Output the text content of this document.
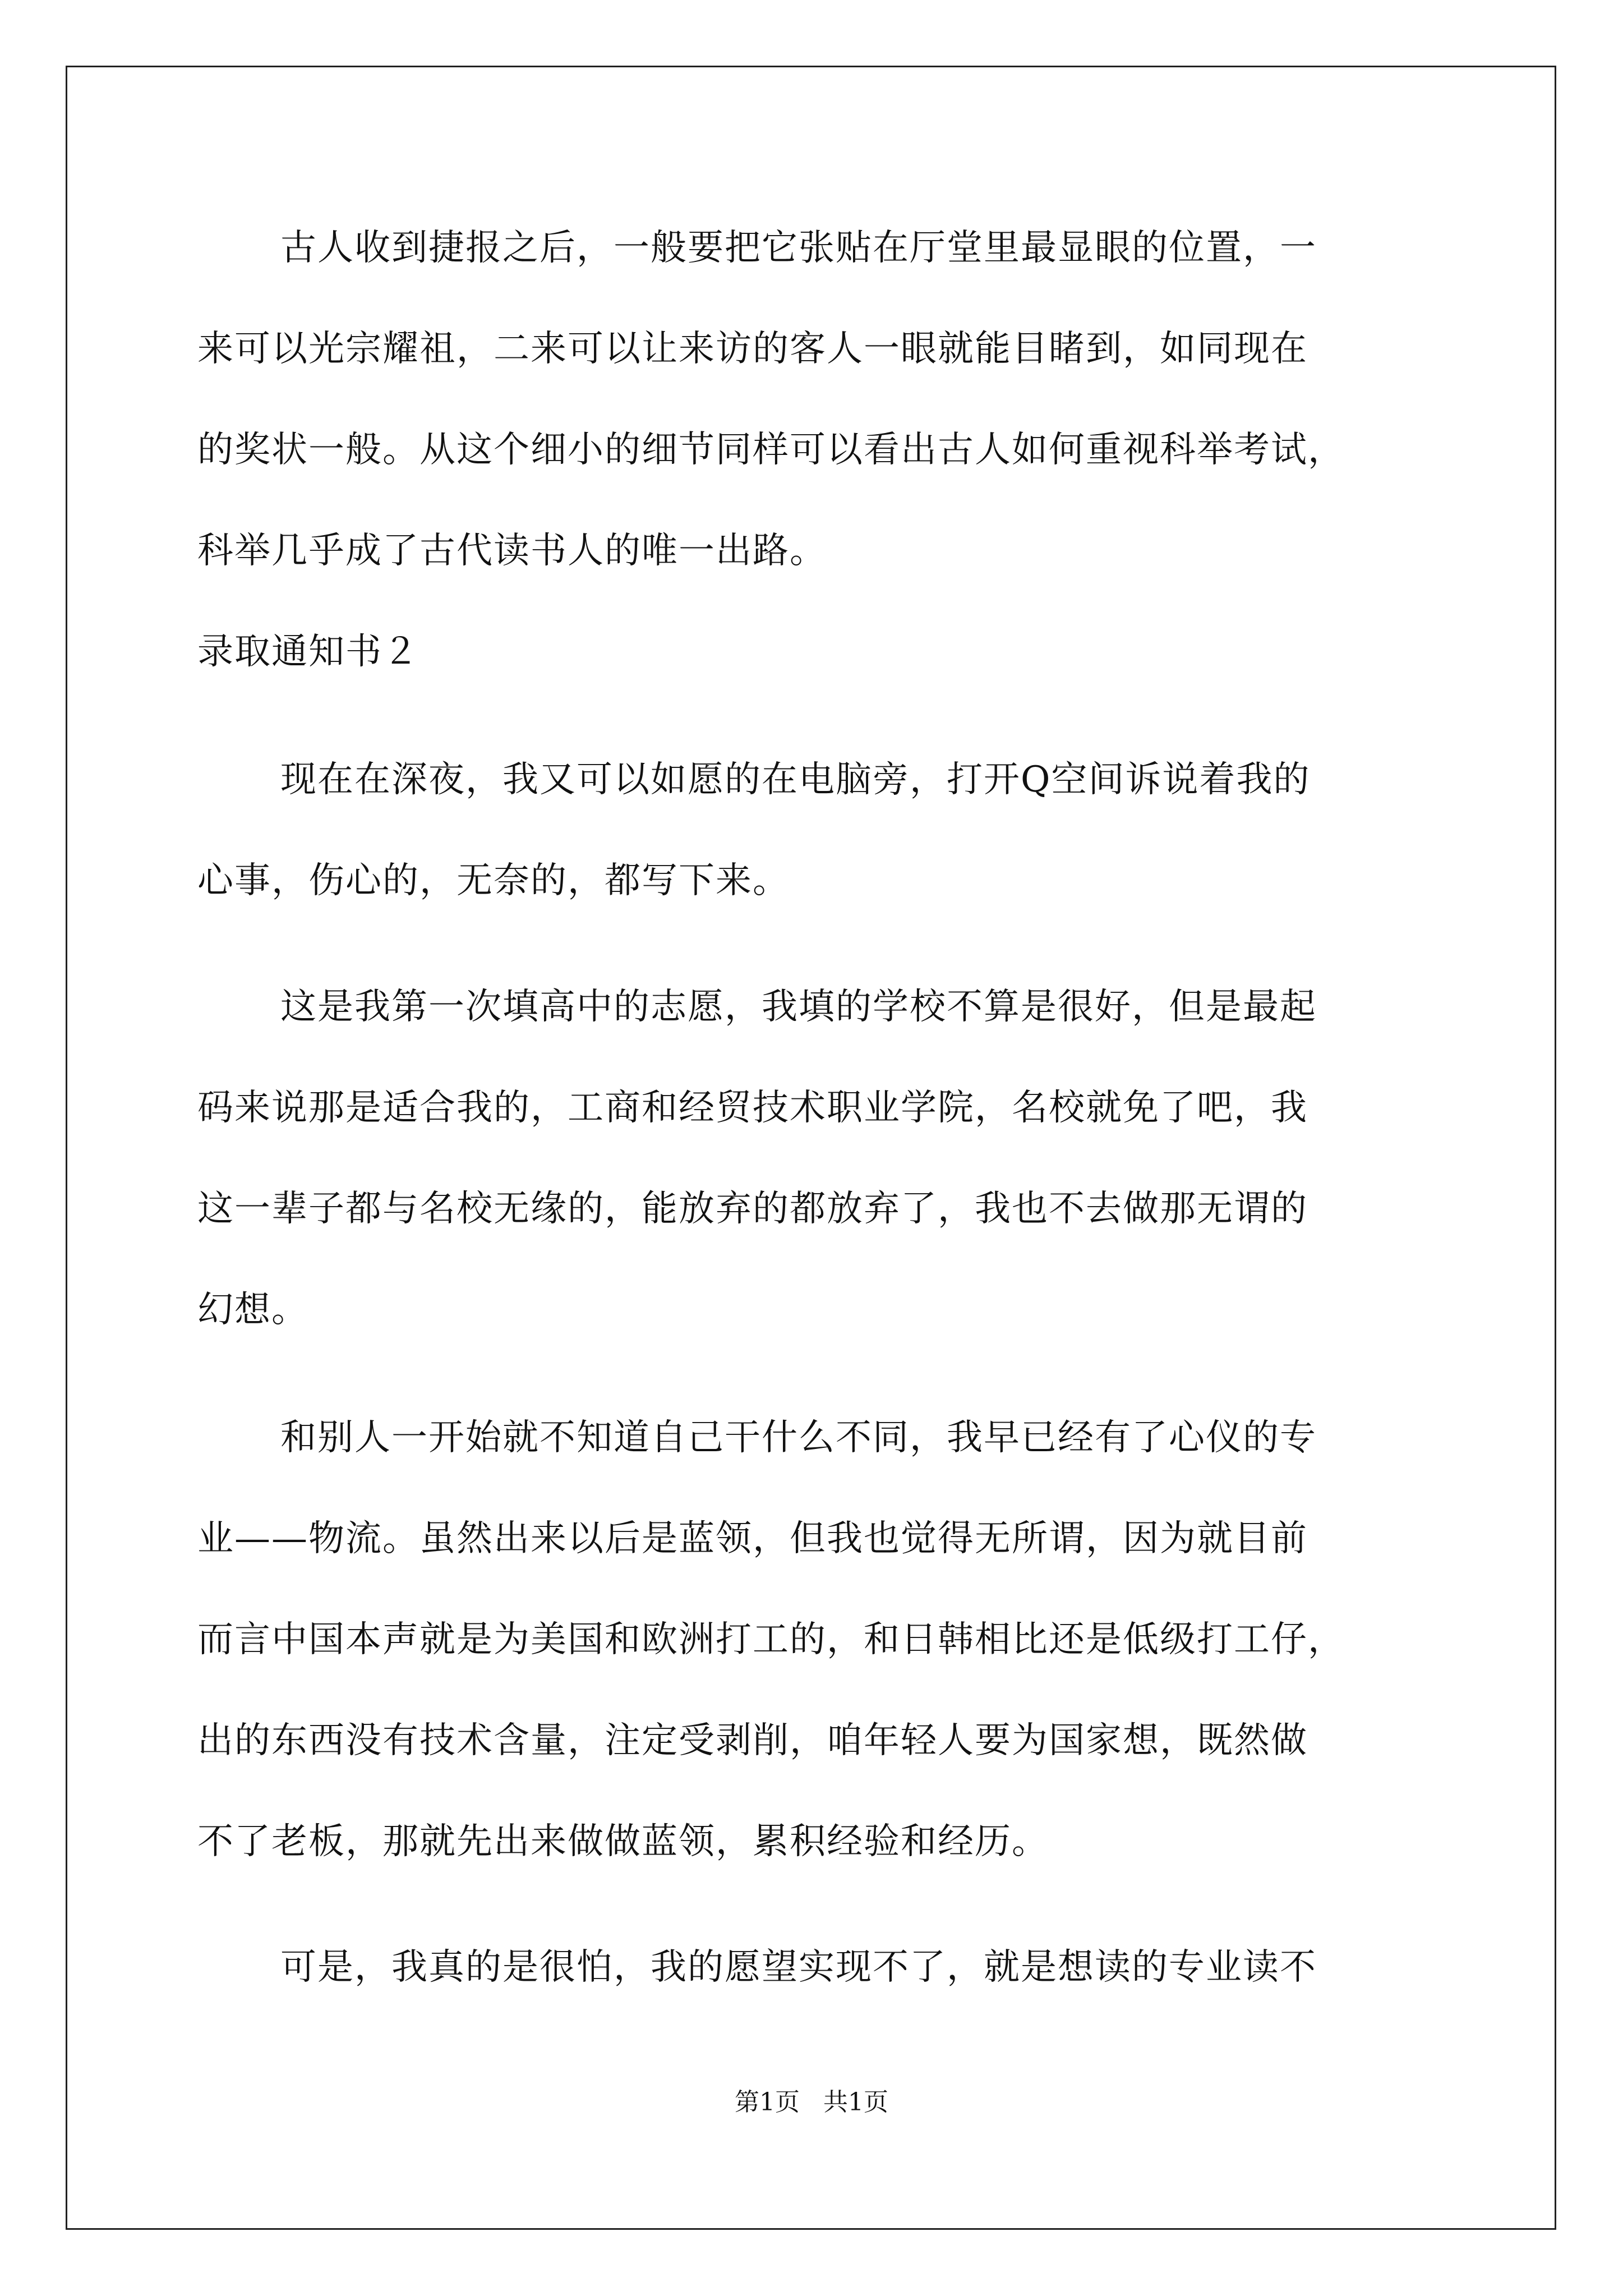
古人收到捷报之后，一般要把它张贴在厅堂里最显眼的位置，一
来可以光宗耀祖，二来可以让来访的客人一眼就能目睹到，如同现在
的奖状一般。从这个细小的细节同样可以看出古人如何重视科举考试，
科举几乎成了古代读书人的唯一出路。
录取通知书２
现在在深夜，我又可以如愿的在电脑旁，打开Q空间诉说着我的
心事，伤心的，无奈的，都写下来。
这是我第一次填高中的志愿，我填的学校不算是很好，但是最起
码来说那是适合我的，工商和经贸技术职业学院，名校就免了吧，我
这一辈子都与名校无缘的，能放弃的都放弃了，我也不去做那无谓的
幻想。
和别人一开始就不知道自己干什么不同，我早已经有了心仪的专
业——物流。虽然出来以后是蓝领，但我也觉得无所谓，因为就目前
而言中国本声就是为美国和欧洲打工的，和日韩相比还是低级打工仔，
出的东西没有技术含量，注定受剥削，咱年轻人要为国家想，既然做
不了老板，那就先出来做做蓝领，累积经验和经历。
可是，我真的是很怕，我的愿望实现不了，就是想读的专业读不
第1页   共1页
